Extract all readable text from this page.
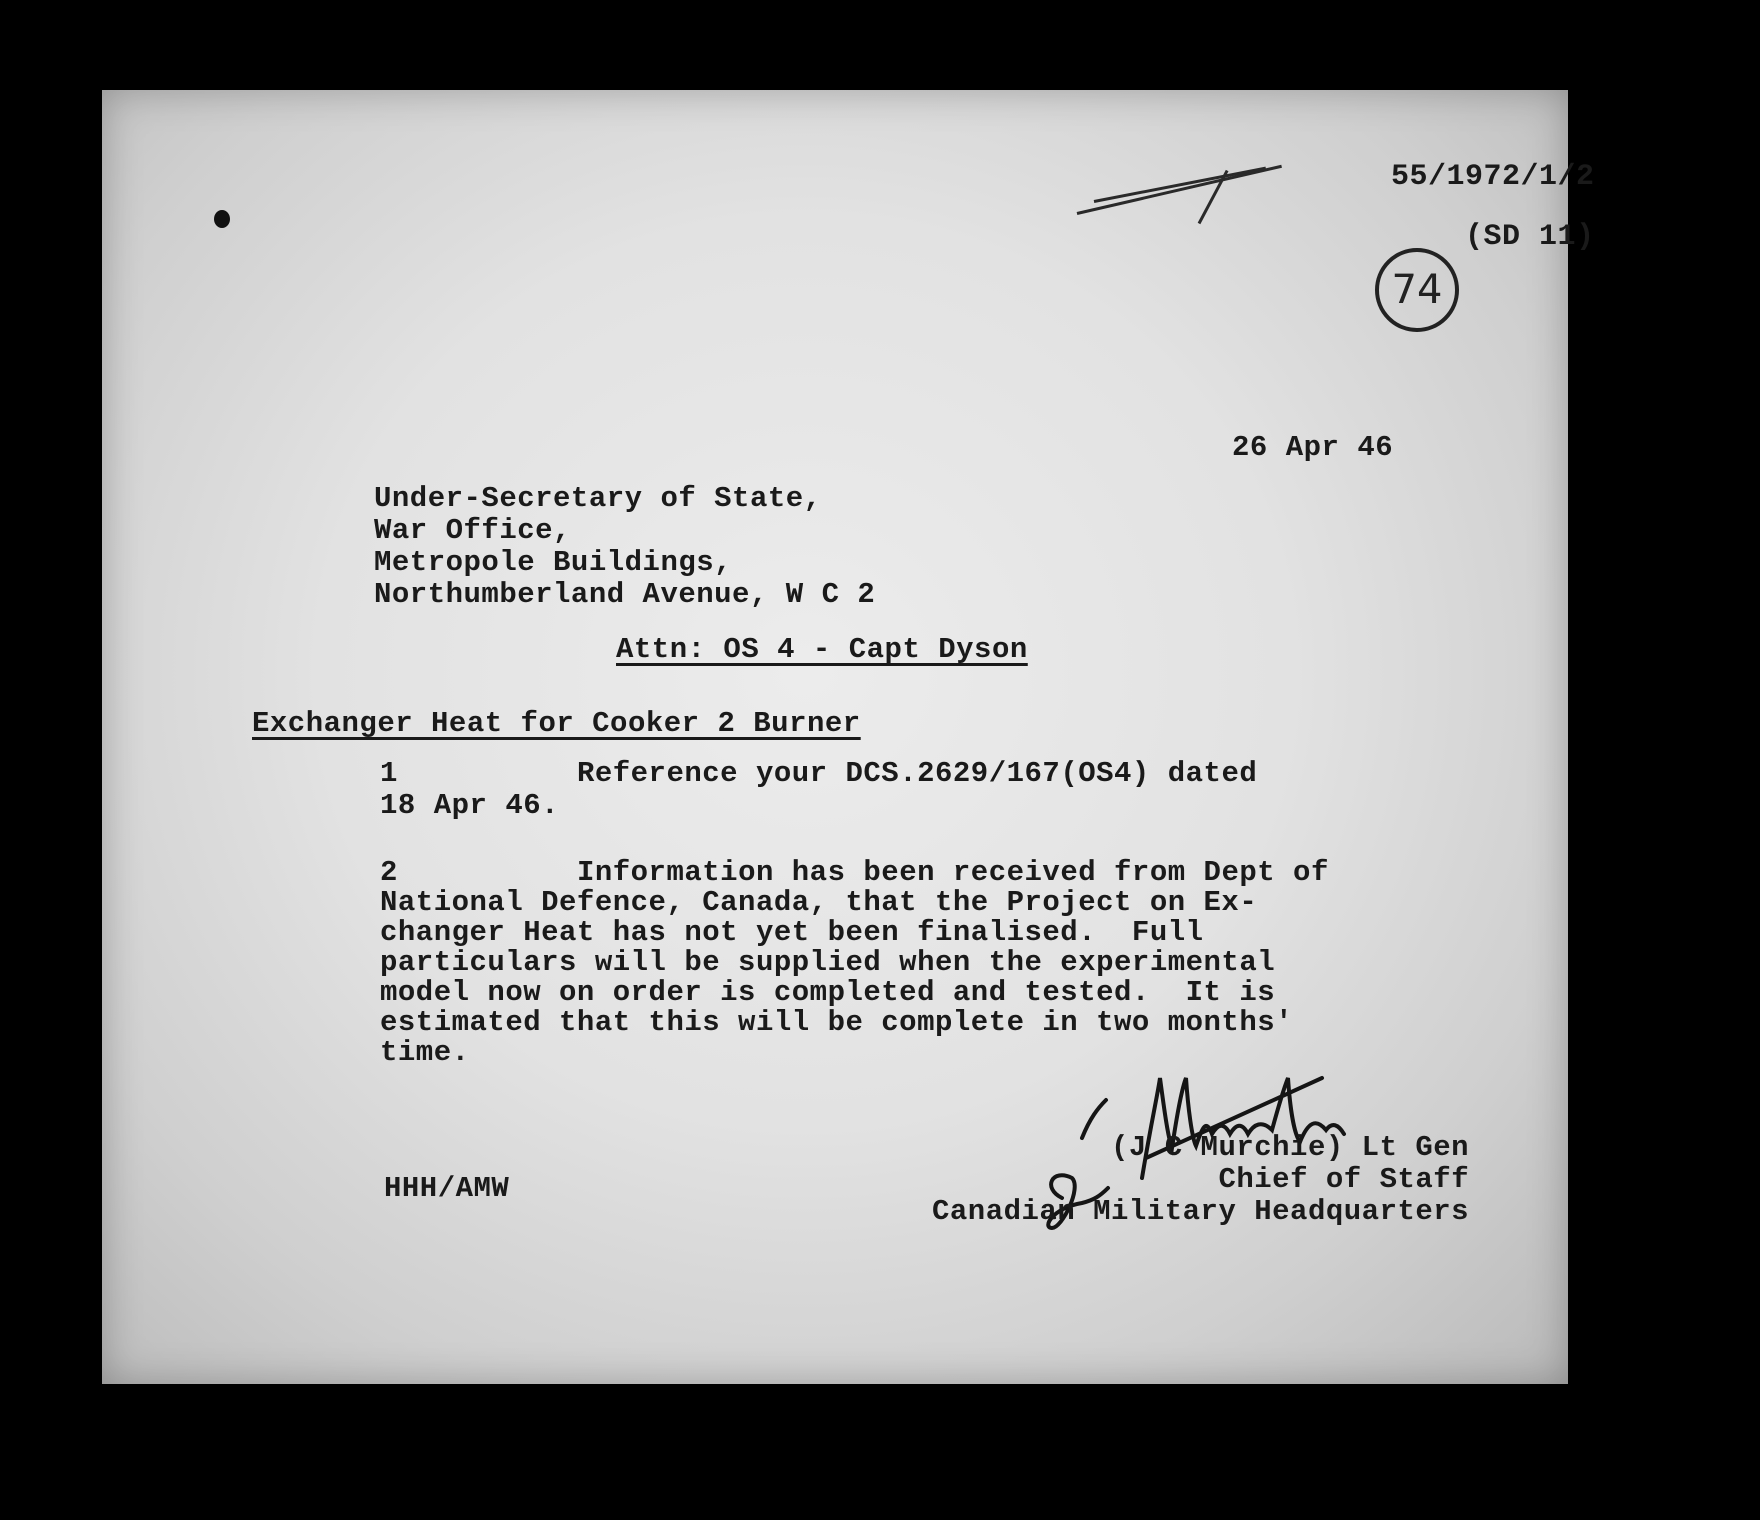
55/1972/1/2

(SD 11)

74
26 Apr 46
Under-Secretary of State,
War Office,
Metropole Buildings,
Northumberland Avenue, W C 2
Attn: OS 4 - Capt Dyson
Exchanger Heat for Cooker 2 Burner
1	Reference your DCS.2629/167(OS4) dated
18 Apr 46.
2	Information has been received from Dept of
National Defence, Canada, that the Project on Ex-
changer Heat has not yet been finalised.  Full
particulars will be supplied when the experimental
model now on order is completed and tested.  It is
estimated that this will be complete in two months'
time.
(J C Murchie) Lt Gen
Chief of Staff
Canadian Military Headquarters
HHH/AMW
